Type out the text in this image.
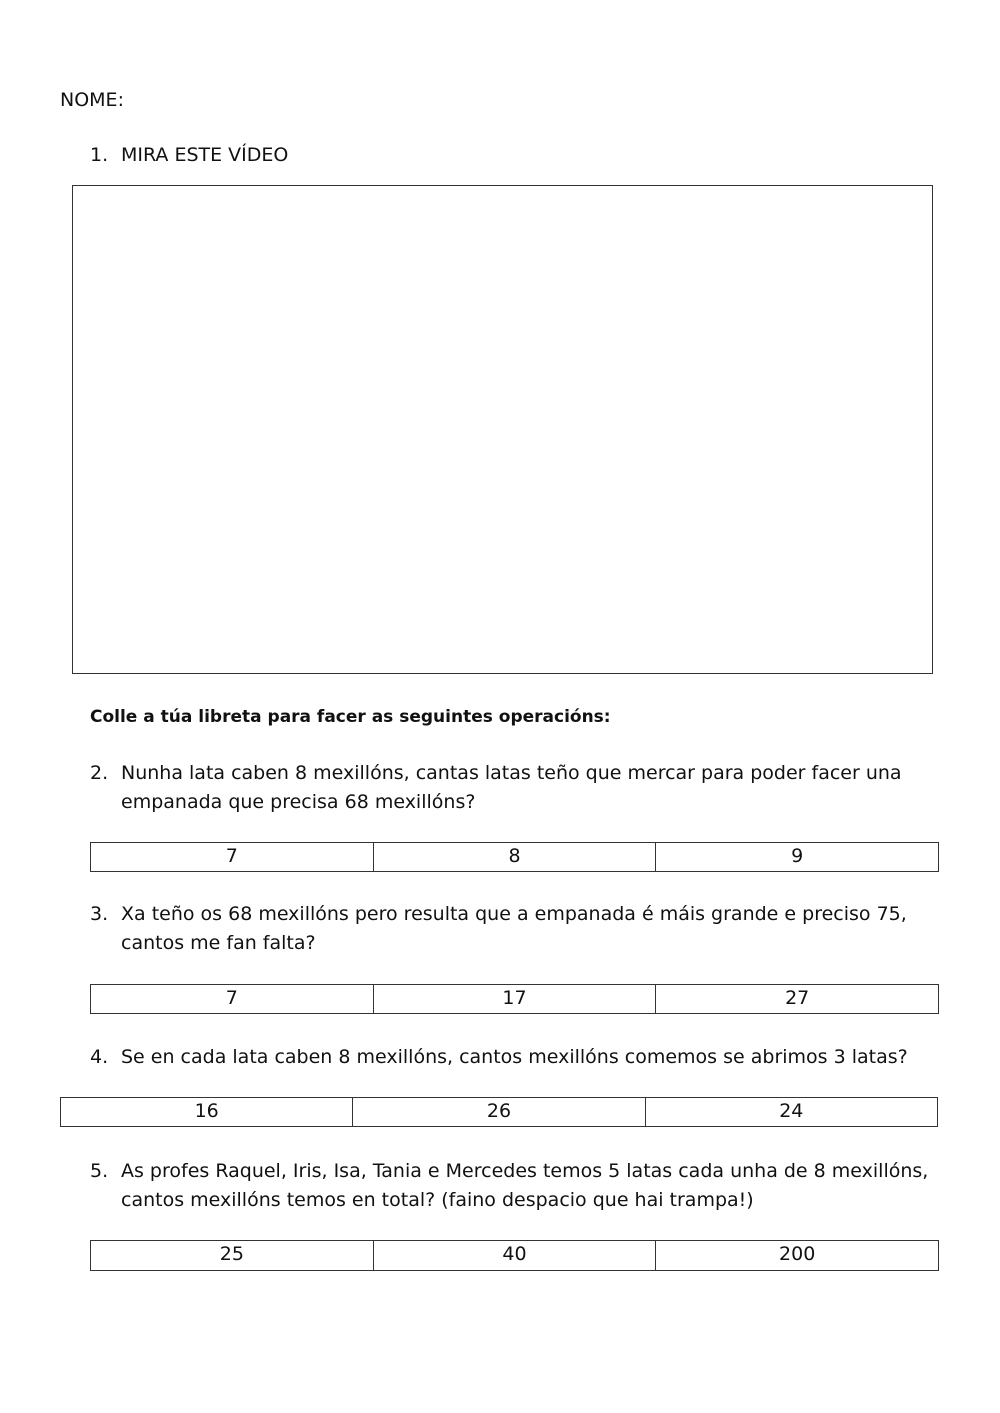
NOME:
1. MIRA ESTE VÍDEO
Colle a túa libreta para facer as seguintes operacións:
2. Nunha lata caben 8 mexillóns, cantas latas teño que mercar para poder facer una
empanada que precisa 68 mexillóns?
7	8	9
3. Xa teño os 68 mexillóns pero resulta que a empanada é máis grande e preciso 75,
cantos me fan falta?
7	17	27
4. Se en cada lata caben 8 mexillóns, cantos mexillóns comemos se abrimos 3 latas?
16	26	24
5. As profes Raquel, Iris, Isa, Tania e Mercedes temos 5 latas cada unha de 8 mexillóns,
cantos mexillóns temos en total? (faino despacio que hai trampa!)
25	40	200
